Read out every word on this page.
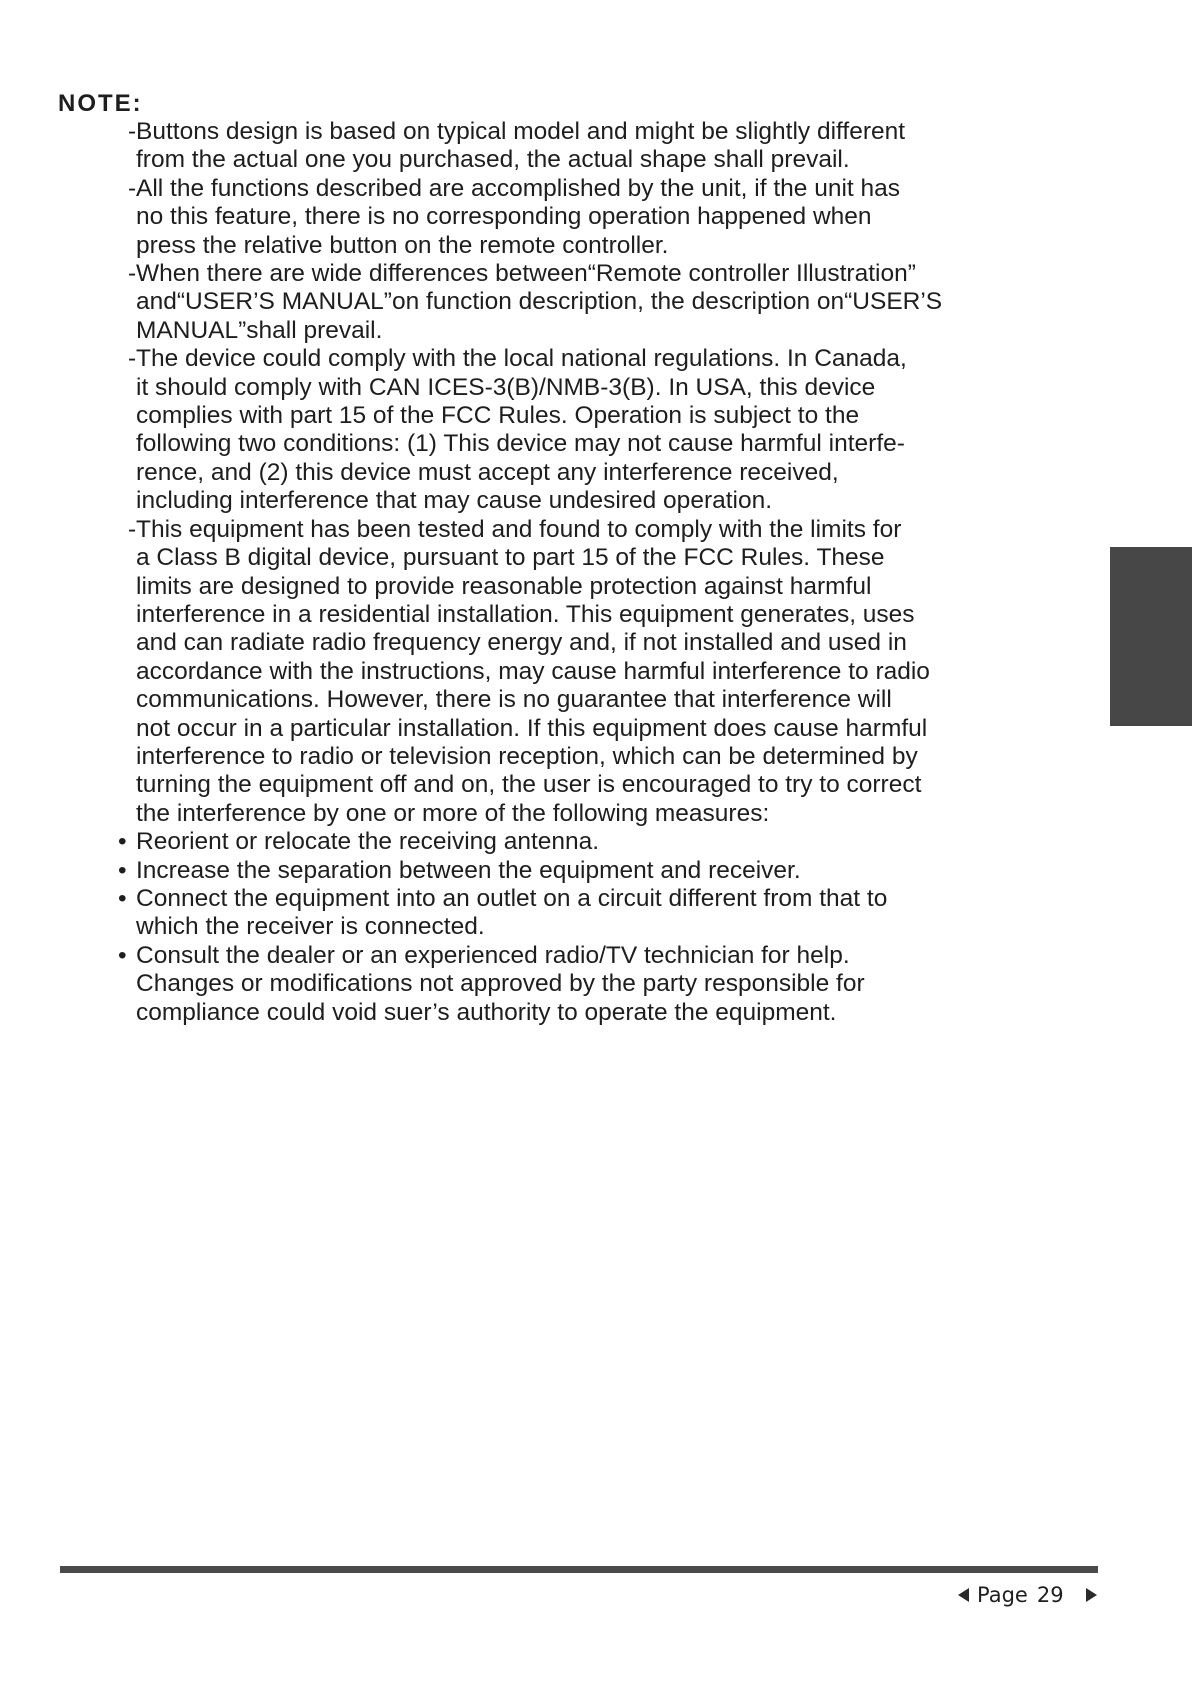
NOTE:
- Buttons design is based on typical model and might be slightly different
from the actual one you purchased, the actual shape shall prevail.
- All the functions described are accomplished by the unit, if the unit has
no this feature, there is no corresponding operation happened when
press the relative button on the remote controller.
- When there are wide differences between“Remote controller Illustration”
and“USER’S MANUAL”on function description, the description on“USER’S
MANUAL”shall prevail.
- The device could comply with the local national regulations. In Canada,
it should comply with CAN ICES-3(B)/NMB-3(B). In USA, this device
complies with part 15 of the FCC Rules. Operation is subject to the
following two conditions: (1) This device may not cause harmful interfe-
rence, and (2) this device must accept any interference received,
including interference that may cause undesired operation.
- This equipment has been tested and found to comply with the limits for
a Class B digital device, pursuant to part 15 of the FCC Rules. These
limits are designed to provide reasonable protection against harmful
interference in a residential installation. This equipment generates, uses
and can radiate radio frequency energy and, if not installed and used in
accordance with the instructions, may cause harmful interference to radio
communications. However, there is no guarantee that interference will
not occur in a particular installation. If this equipment does cause harmful
interference to radio or television reception, which can be determined by
turning the equipment off and on, the user is encouraged to try to correct
the interference by one or more of the following measures:
• Reorient or relocate the receiving antenna.
• Increase the separation between the equipment and receiver.
• Connect the equipment into an outlet on a circuit different from that to
which the receiver is connected.
• Consult the dealer or an experienced radio/TV technician for help.
Changes or modifications not approved by the party responsible for
compliance could void suer’s authority to operate the equipment.
Page 29
